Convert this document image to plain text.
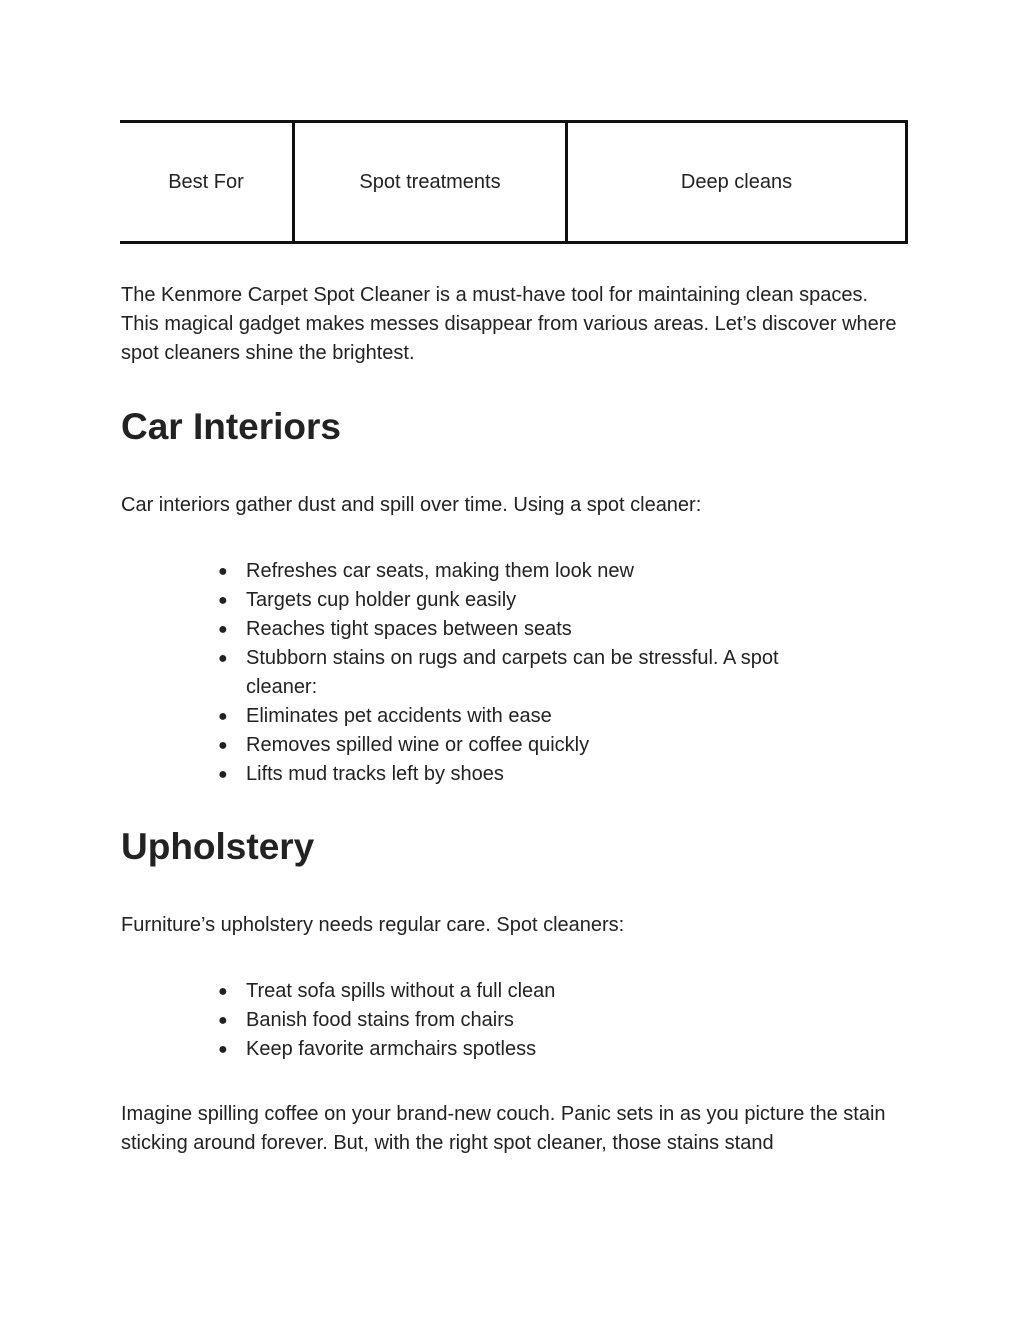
Best For	Spot treatments	Deep cleans

The Kenmore Carpet Spot Cleaner is a must-have tool for maintaining clean spaces. This magical gadget makes messes disappear from various areas. Let’s discover where spot cleaners shine the brightest.

Car Interiors

Car interiors gather dust and spill over time. Using a spot cleaner:

● Refreshes car seats, making them look new
● Targets cup holder gunk easily
● Reaches tight spaces between seats
● Stubborn stains on rugs and carpets can be stressful. A spot cleaner:
● Eliminates pet accidents with ease
● Removes spilled wine or coffee quickly
● Lifts mud tracks left by shoes
Upholstery

Furniture’s upholstery needs regular care. Spot cleaners:

● Treat sofa spills without a full clean
● Banish food stains from chairs
● Keep favorite armchairs spotless

Imagine spilling coffee on your brand-new couch. Panic sets in as you picture the stain sticking around forever. But, with the right spot cleaner, those stains stand
